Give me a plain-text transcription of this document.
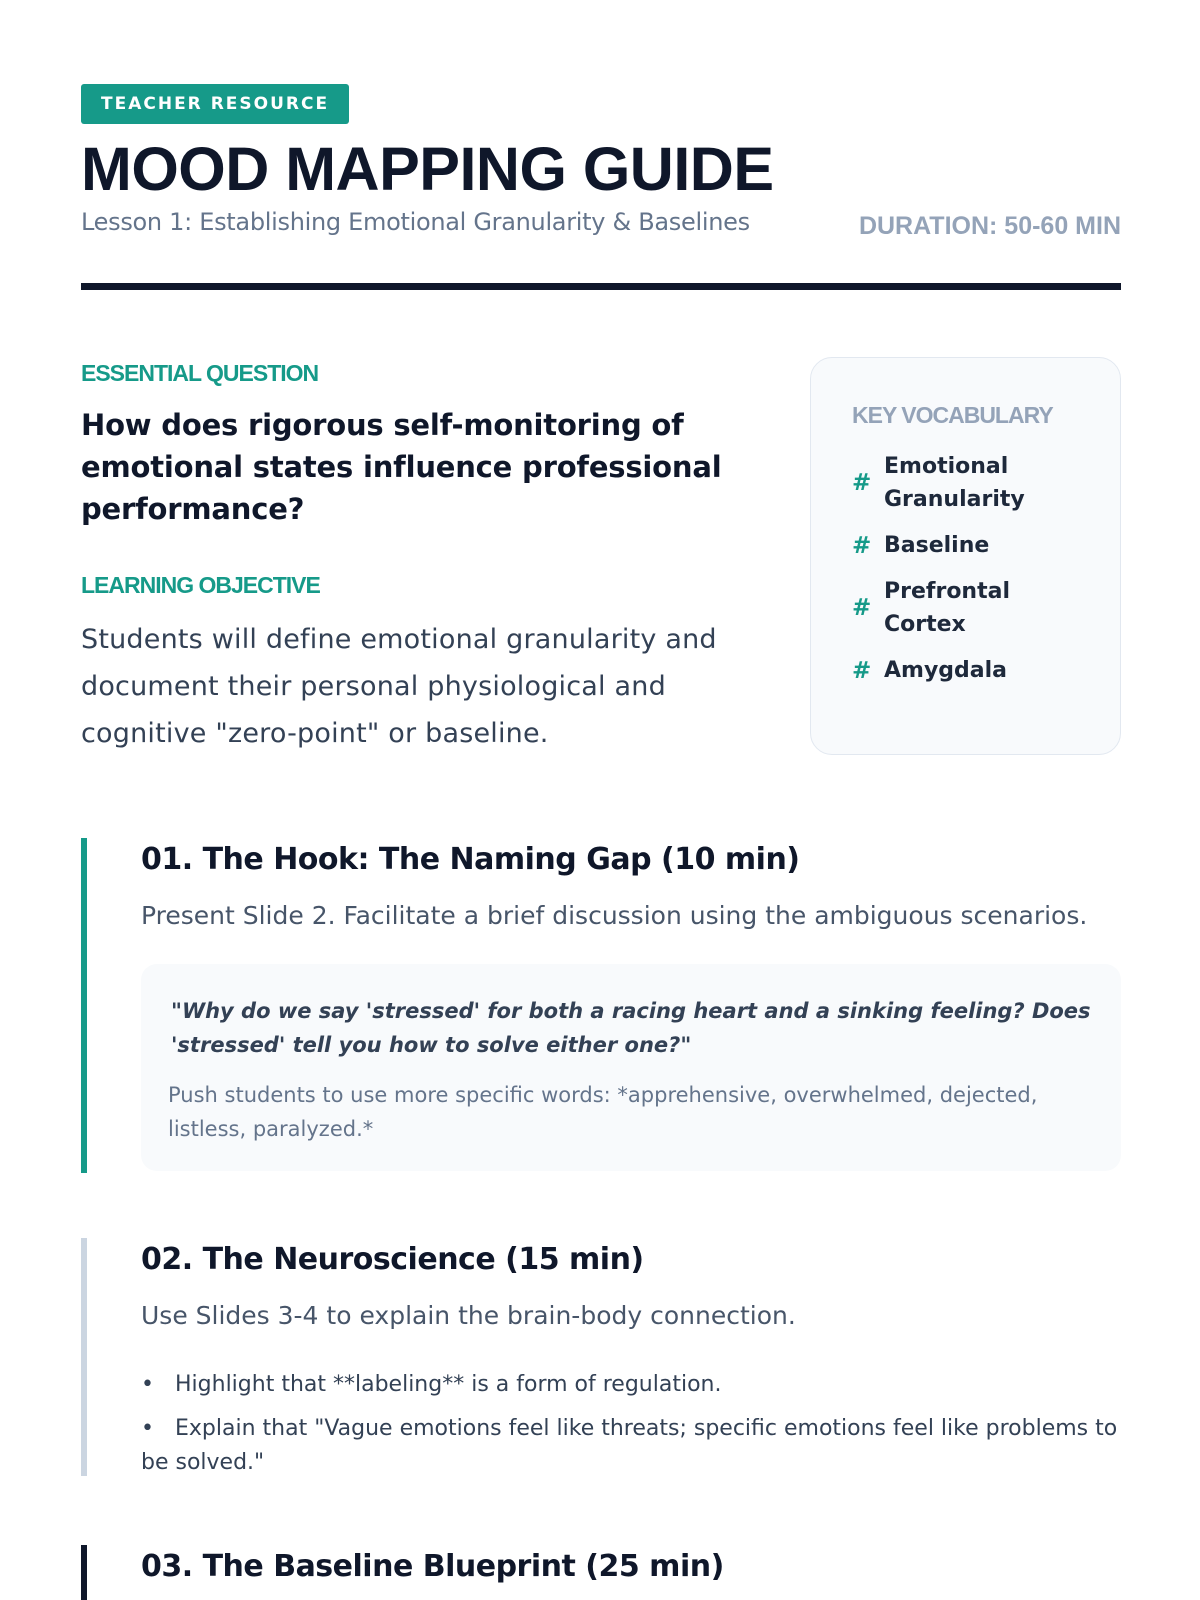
TEACHER RESOURCE
MOOD MAPPING GUIDE
Lesson 1: Establishing Emotional Granularity & Baselines	DURATION: 50-60 MIN
ESSENTIAL QUESTION
How does rigorous self-monitoring of emotional states influence professional performance?
LEARNING OBJECTIVE
Students will define emotional granularity and document their personal physiological and cognitive "zero-point" or baseline.
KEY VOCABULARY
#
Emotional Granularity
# Baseline
#
Prefrontal Cortex
# Amygdala
01. The Hook: The Naming Gap (10 min)
Present Slide 2. Facilitate a brief discussion using the ambiguous scenarios.
"Why do we say 'stressed' for both a racing heart and a sinking feeling? Does 'stressed' tell you how to solve either one?"
Push students to use more specific words: *apprehensive, overwhelmed, dejected, listless, paralyzed.*
02. The Neuroscience (15 min)
Use Slides 3-4 to explain the brain-body connection.
• Highlight that **labeling** is a form of regulation.
• Explain that "Vague emotions feel like threats; specific emotions feel like problems to be solved."
03. The Baseline Blueprint (25 min)
